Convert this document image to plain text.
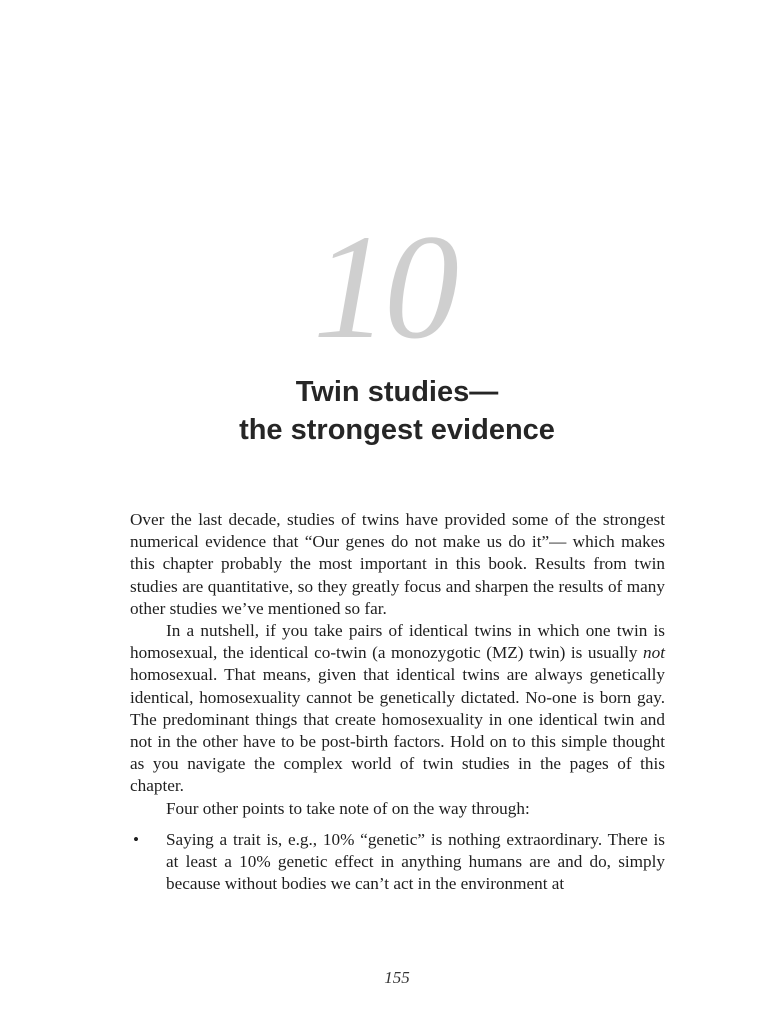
10
Twin studies—
the strongest evidence

Over the last decade, studies of twins have provided some of the strongest numerical evidence that “Our genes do not make us do it”— which makes this chapter probably the most important in this book. Results from twin studies are quantitative, so they greatly focus and sharpen the results of many other studies we’ve mentioned so far.

In a nutshell, if you take pairs of identical twins in which one twin is homosexual, the identical co-twin (a monozygotic (MZ) twin) is usually not homosexual. That means, given that identical twins are always genetically identical, homosexuality cannot be genetically dictated. No-one is born gay. The predominant things that create homosexuality in one identical twin and not in the other have to be post-birth factors. Hold on to this simple thought as you navigate the complex world of twin studies in the pages of this chapter.

Four other points to take note of on the way through:

• Saying a trait is, e.g., 10% “genetic” is nothing extraordinary. There is at least a 10% genetic effect in anything humans are and do, simply because without bodies we can’t act in the environment at
155
